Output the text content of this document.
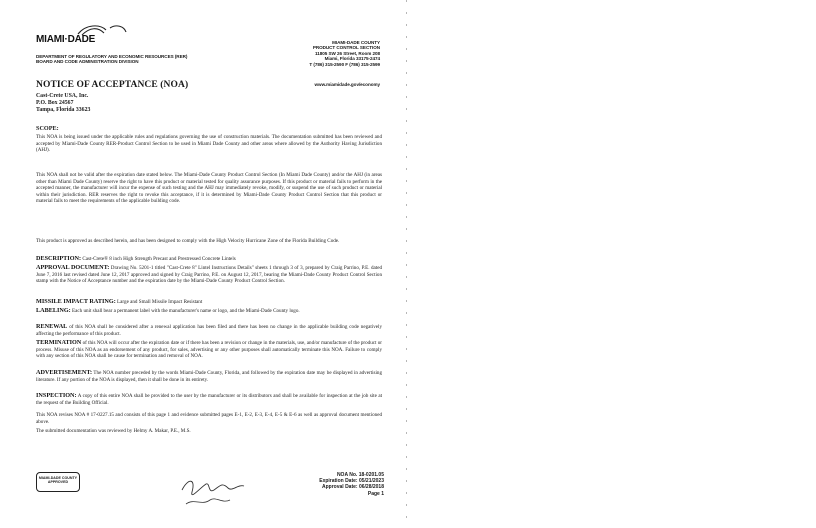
MIAMI·DADE
DEPARTMENT OF REGULATORY AND ECONOMIC RESOURCES (RER)
BOARD AND CODE ADMINISTRATION DIVISION
MIAMI-DADE COUNTY
PRODUCT CONTROL SECTION
11805 SW 26 Street, Room 208
Miami, Florida 33175-2474
T (786) 315-2590 F (786) 315-2599
www.miamidade.gov/economy
NOTICE OF ACCEPTANCE (NOA)
Cast-Crete USA, Inc.
P.O. Box 24567
Tampa, Florida 33623
SCOPE:
This NOA is being issued under the applicable rules and regulations governing the use of construction materials. The documentation submitted has been reviewed and accepted by Miami-Dade County RER-Product Control Section to be used in Miami Dade County and other areas where allowed by the Authority Having Jurisdiction (AHJ).
This NOA shall not be valid after the expiration date stated below. The Miami-Dade County Product Control Section (In Miami Dade County) and/or the AHJ (in areas other than Miami Dade County) reserve the right to have this product or material tested for quality assurance purposes. If this product or material fails to perform in the accepted manner, the manufacturer will incur the expense of such testing and the AHJ may immediately revoke, modify, or suspend the use of such product or material within their jurisdiction. RER reserves the right to revoke this acceptance, if it is determined by Miami-Dade County Product Control Section that this product or material fails to meet the requirements of the applicable building code.
This product is approved as described herein, and has been designed to comply with the High Velocity Hurricane Zone of the Florida Building Code.
DESCRIPTION: Cast-Crete® 8 inch High Strength Precast and Prestressed Concrete Lintels
APPROVAL DOCUMENT: Drawing No. 5201-1 titled "Cast-Crete 8" Lintel Instructions Details" sheets 1 through 3 of 3, prepared by Craig Parrino, P.E. dated June 7, 2016 last revised dated June 12, 2017 approved and signed by Craig Parrino, P.E. on August 12, 2017, bearing the Miami-Dade County Product Control Section stamp with the Notice of Acceptance number and the expiration date by the Miami-Dade County Product Control Section.
MISSILE IMPACT RATING: Large and Small Missile Impact Resistant
LABELING: Each unit shall bear a permanent label with the manufacturer's name or logo, and the Miami-Dade County logo.
RENEWAL of this NOA shall be considered after a renewal application has been filed and there has been no change in the applicable building code negatively affecting the performance of this product.
TERMINATION of this NOA will occur after the expiration date or if there has been a revision or change in the materials, use, and/or manufacture of the product or process. Misuse of this NOA as an endorsement of any product, for sales, advertising or any other purposes shall automatically terminate this NOA. Failure to comply with any section of this NOA shall be cause for termination and removal of NOA.
ADVERTISEMENT: The NOA number preceded by the words Miami-Dade County, Florida, and followed by the expiration date may be displayed in advertising literature. If any portion of the NOA is displayed, then it shall be done in its entirety.
INSPECTION: A copy of this entire NOA shall be provided to the user by the manufacturer or its distributors and shall be available for inspection at the job site at the request of the Building Official.
This NOA revises NOA # 17-0227.15 and consists of this page 1 and evidence submitted pages E-1, E-2, E-3, E-4, E-5 & E-6 as well as approval document mentioned above.
The submitted documentation was reviewed by Helmy A. Makar, P.E., M.S.
MIAMI-DADE COUNTY
APPROVED
NOA No. 18-0201.05
Expiration Date: 05/21/2023
Approval Date: 06/28/2018
Page 1
